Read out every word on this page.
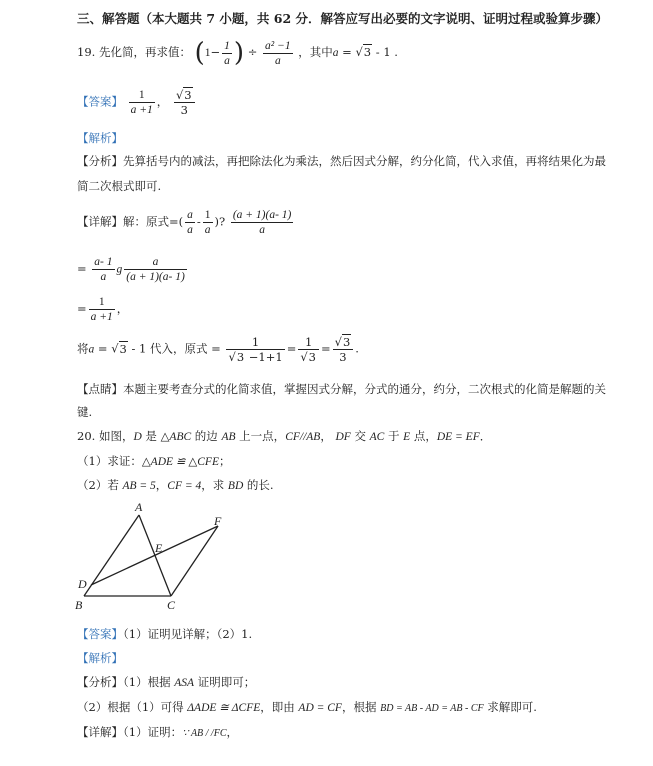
三、解答题（本大题共 7 小题，共 62 分．解答应写出必要的文字说明、证明过程或验算步骤）
19. 先化简，再求值： ($1- \frac{1}{a}$ ) ÷ $\frac{\text{a² −1}}{a}$ ，其中a = √3 - 1 .
【答案】 $\frac{1}{a +1}$ ， $\frac{√3}{3}$
【解析】
【分析】先算括号内的减法，再把除法化为乘法，然后因式分解，约分化简，代入求值，再将结果化为最
简二次根式即可.
【详解】解：原式=( $\frac{a}{a} - \frac{1}{a}$ )? $\frac{(a + 1)(a- 1)}{a}$
= $\frac{a- 1}{a}$ g $\frac{a}{(a + 1)(a- 1)}$
= $\frac{1}{a +1}$ ，
将a = √3 - 1 代入，原式 = $\frac{1}{√3 -1+1} = \frac{1}{√3} = \frac{√3}{3}$ .
【点睛】本题主要考查分式的化简求值，掌握因式分解，分式的通分，约分，二次根式的化简是解题的关
键.
20. 如图，D 是 △ABC 的边 AB 上一点，CF//AB， DF 交 AC 于 E 点，DE = EF．
（1）求证：△ADE ≌ △CFE；
（2）若 AB = 5，CF = 4，求 BD 的长.
A
B	C
D
E
F
【答案】（1）证明见详解；（2）1.
【解析】
【分析】（1）根据 ASA 证明即可；
（2）根据（1）可得 ΔADE ≅ ΔCFE，即由 AD = CF，根据 BD = AB - AD = AB - CF 求解即可.
【详解】（1）证明：∵ AB / /FC，
